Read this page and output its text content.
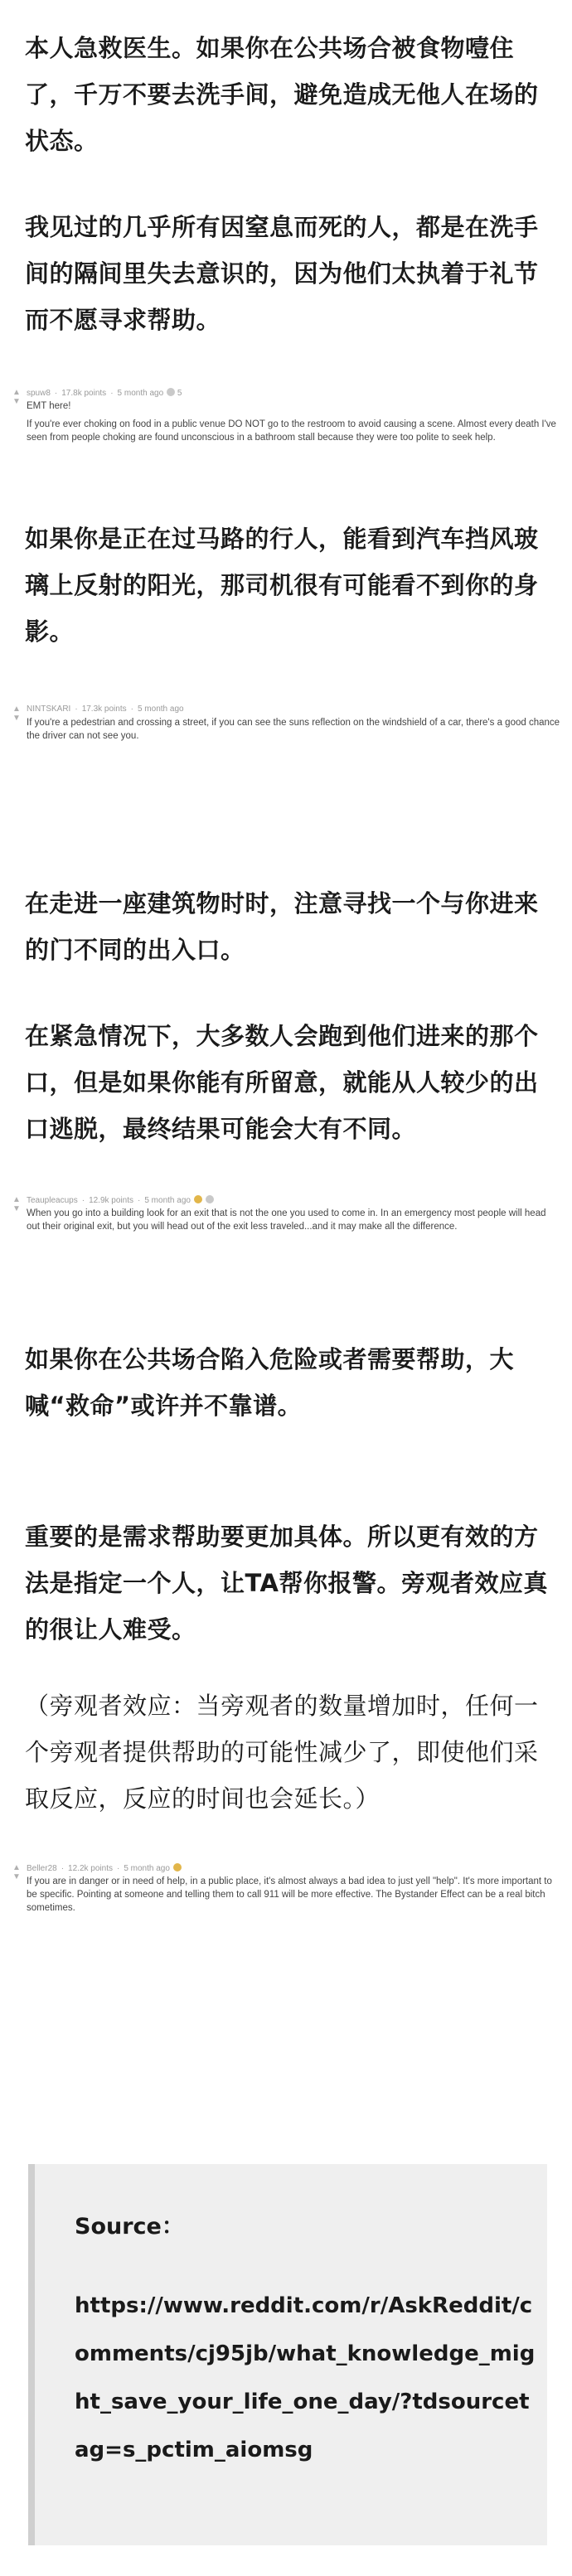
本人急救医生。如果你在公共场合被食物噎住了，千万不要去洗手间，避免造成无他人在场的状态。

我见过的几乎所有因窒息而死的人，都是在洗手间的隔间里失去意识的，因为他们太执着于礼节而不愿寻求帮助。

▲
▼
spuw8 · 17.8k points · 5 month ago 5

EMT here!

If you're ever choking on food in a public venue DO NOT go to the restroom to avoid causing a scene. Almost every death I've seen from people choking are found unconscious in a bathroom stall because they were too polite to seek help.

如果你是正在过马路的行人，能看到汽车挡风玻璃上反射的阳光，那司机很有可能看不到你的身影。

▲
▼
NINTSKARI · 17.3k points · 5 month ago

If you're a pedestrian and crossing a street, if you can see the suns reflection on the windshield of a car, there's a good chance the driver can not see you.

在走进一座建筑物时时，注意寻找一个与你进来的门不同的出入口。

在紧急情况下，大多数人会跑到他们进来的那个口，但是如果你能有所留意，就能从人较少的出口逃脱，最终结果可能会大有不同。

▲
▼
Teaupleacups · 12.9k points · 5 month ago

When you go into a building look for an exit that is not the one you used to come in. In an emergency most people will head out their original exit, but you will head out of the exit less traveled...and it may make all the difference.

如果你在公共场合陷入危险或者需要帮助，大喊“救命”或许并不靠谱。

重要的是需求帮助要更加具体。所以更有效的方法是指定一个人，让TA帮你报警。旁观者效应真的很让人难受。

（旁观者效应：当旁观者的数量增加时，任何一个旁观者提供帮助的可能性减少了，即使他们采取反应，反应的时间也会延长。）

▲
▼
Beller28 · 12.2k points · 5 month ago

If you are in danger or in need of help, in a public place, it's almost always a bad idea to just yell "help". It's more important to be specific. Pointing at someone and telling them to call 911 will be more effective. The Bystander Effect can be a real bitch sometimes.

Source：
https://www.reddit.com/r/AskReddit/comments/cj95jb/what_knowledge_might_save_your_life_one_day/?tdsourcetag=s_pctim_aiomsg
